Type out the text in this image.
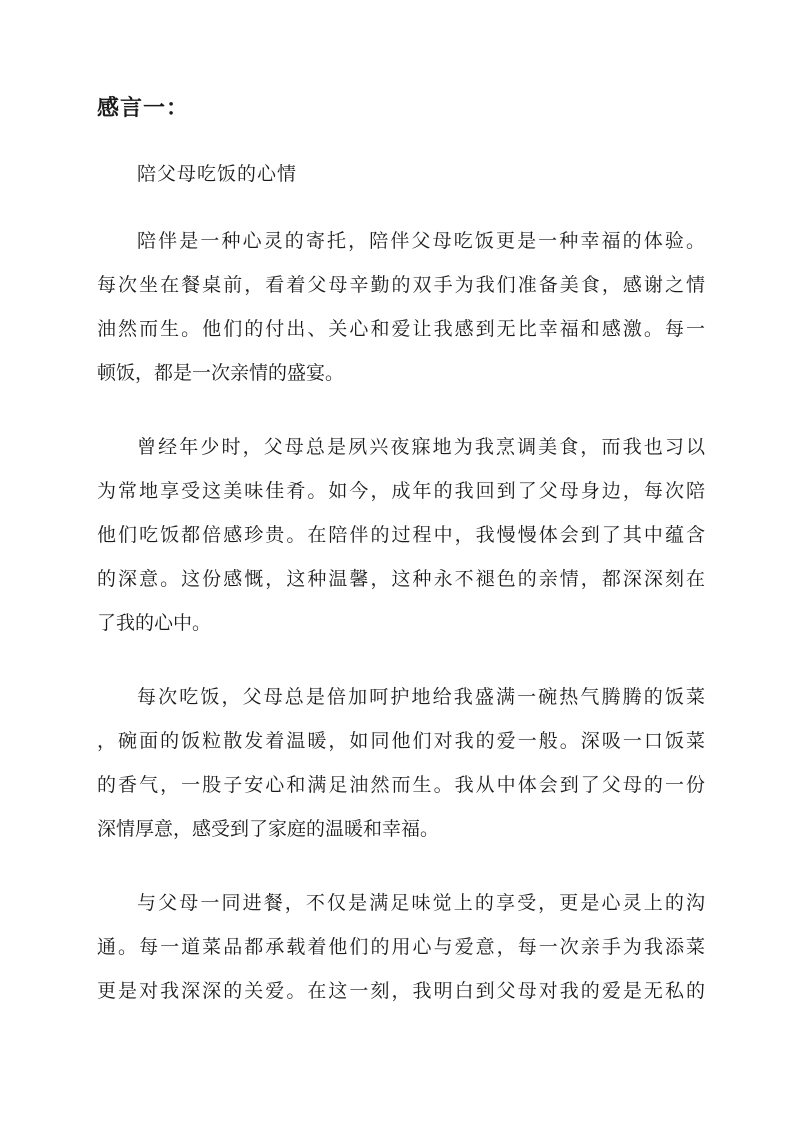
感言一：
陪父母吃饭的心情
陪伴是一种心灵的寄托，陪伴父母吃饭更是一种幸福的体验。
每次坐在餐桌前，看着父母辛勤的双手为我们准备美食，感谢之情
油然而生。他们的付出、关心和爱让我感到无比幸福和感激。每一
顿饭，都是一次亲情的盛宴。
曾经年少时，父母总是夙兴夜寐地为我烹调美食，而我也习以
为常地享受这美味佳肴。如今，成年的我回到了父母身边，每次陪
他们吃饭都倍感珍贵。在陪伴的过程中，我慢慢体会到了其中蕴含
的深意。这份感慨，这种温馨，这种永不褪色的亲情，都深深刻在
了我的心中。
每次吃饭，父母总是倍加呵护地给我盛满一碗热气腾腾的饭菜
，碗面的饭粒散发着温暖，如同他们对我的爱一般。深吸一口饭菜
的香气，一股子安心和满足油然而生。我从中体会到了父母的一份
深情厚意，感受到了家庭的温暖和幸福。
与父母一同进餐，不仅是满足味觉上的享受，更是心灵上的沟
通。每一道菜品都承载着他们的用心与爱意，每一次亲手为我添菜
更是对我深深的关爱。在这一刻，我明白到父母对我的爱是无私的
